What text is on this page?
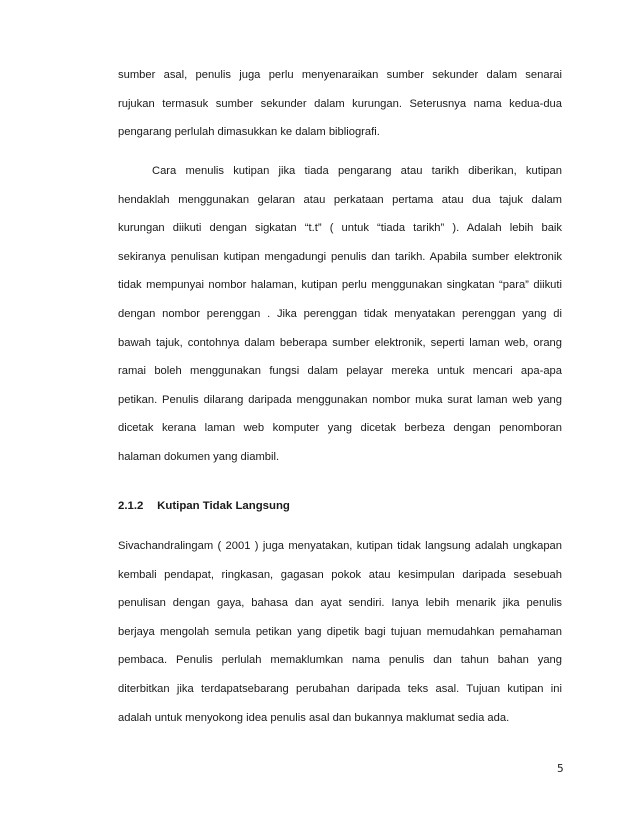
sumber asal, penulis juga perlu menyenaraikan sumber sekunder dalam senarai
rujukan termasuk sumber sekunder dalam kurungan. Seterusnya nama kedua-dua
pengarang perlulah dimasukkan ke dalam bibliografi.
Cara menulis kutipan jika tiada pengarang atau tarikh diberikan, kutipan
hendaklah menggunakan gelaran atau perkataan pertama atau dua tajuk dalam
kurungan diikuti dengan sigkatan “t.t” ( untuk “tiada tarikh” ). Adalah lebih baik
sekiranya penulisan kutipan mengadungi penulis dan tarikh. Apabila sumber elektronik
tidak mempunyai nombor halaman, kutipan perlu menggunakan singkatan “para” diikuti
dengan nombor perenggan . Jika perenggan tidak menyatakan perenggan yang di
bawah tajuk, contohnya dalam beberapa sumber elektronik, seperti laman web, orang
ramai boleh menggunakan fungsi dalam pelayar mereka untuk mencari apa-apa
petikan. Penulis dilarang daripada menggunakan nombor muka surat laman web yang
dicetak kerana laman web komputer yang dicetak berbeza dengan penomboran
halaman dokumen yang diambil.
2.1.2 Kutipan Tidak Langsung
Sivachandralingam ( 2001 ) juga menyatakan, kutipan tidak langsung adalah ungkapan
kembali pendapat, ringkasan, gagasan pokok atau kesimpulan daripada sesebuah
penulisan dengan gaya, bahasa dan ayat sendiri. Ianya lebih menarik jika penulis
berjaya mengolah semula petikan yang dipetik bagi tujuan memudahkan pemahaman
pembaca. Penulis perlulah memaklumkan nama penulis dan tahun bahan yang
diterbitkan jika terdapatsebarang perubahan daripada teks asal. Tujuan kutipan ini
adalah untuk menyokong idea penulis asal dan bukannya maklumat sedia ada.
5
